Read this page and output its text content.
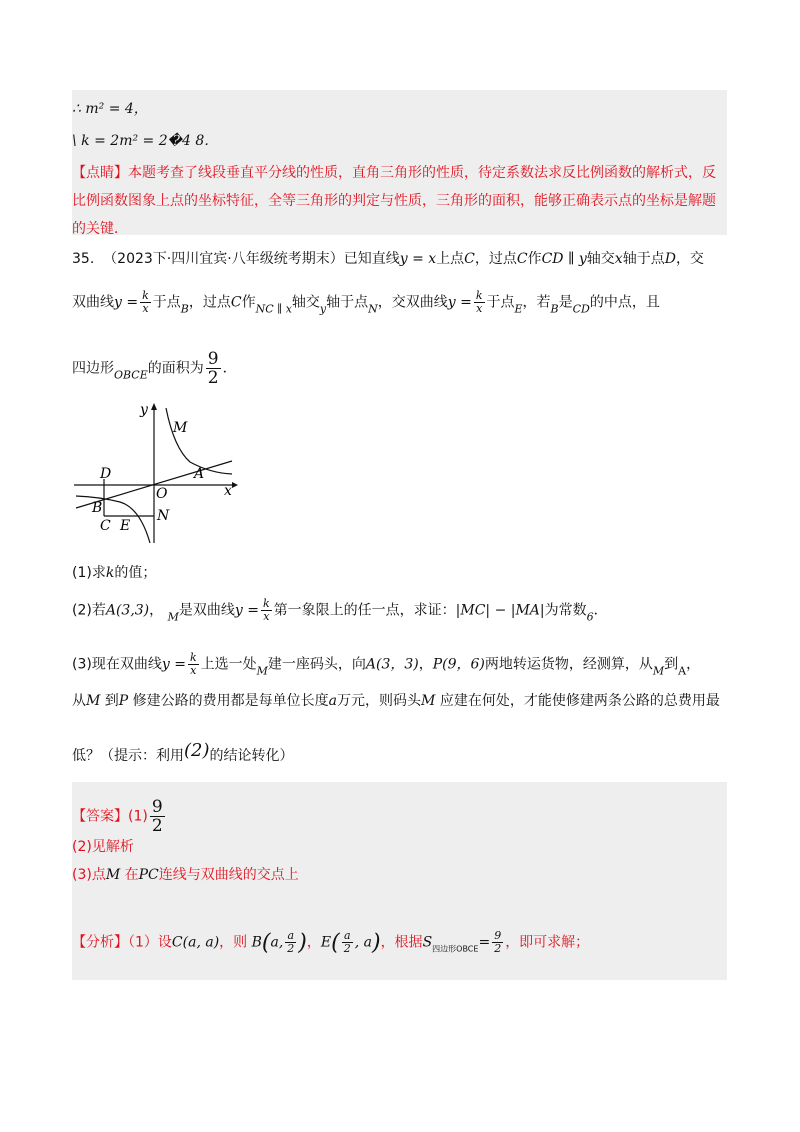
∴ m² = 4，
\ k = 2m² = 2�4 8．
【点睛】本题考查了线段垂直平分线的性质，直角三角形的性质，待定系数法求反比例函数的解析式，反
比例函数图象上点的坐标特征，全等三角形的判定与性质，三角形的面积，能够正确表示点的坐标是解题
的关键．
35. （2023下·四川宜宾·八年级统考期末）已知直线y = x上点C，过点C作CD ∥ y轴交x轴于点D，交
双曲线$y = \frac{k}{x}$ 于点$_B$，过点C作$_{NC \parallel x}$轴交$_y$轴于点$_N$，交双曲线$y = \frac{k}{x}$ 于点$_E$，若$_B$是$_{CD}$的中点，且
四边形$_{OBCE}$的面积为 $\frac{9}{2}$ ．
y
M
A
x
D
O
B
C E
N
(1)求k的值；
(2)若A(3,3)， $_M$是双曲线$y = \frac{k}{x}$ 第一象限上的任一点，求证：|MC| − |MA|为常数$_6$．
(3)现在双曲线$y = \frac{k}{x}$ 上选一处$_M$建一座码头，向A(3，3)，P(9，6)两地转运货物，经测算，从$_M$到$_A$，
从M 到P 修建公路的费用都是每单位长度a万元，则码头M 应建在何处，才能使修建两条公路的总费用最
低？（提示：利用(2)的结论转化）
【答案】$(1) \frac{9}{2}$
(2)见解析
(3)点M 在PC连线与双曲线的交点上
【分析】（1）设C(a, a)，则 B(a, $\frac{a}{2}$ )，$E( \frac{a}{2}$ , a)，根据$S_{四边形OBCE}= \frac{9}{2}$ ，即可求解；
